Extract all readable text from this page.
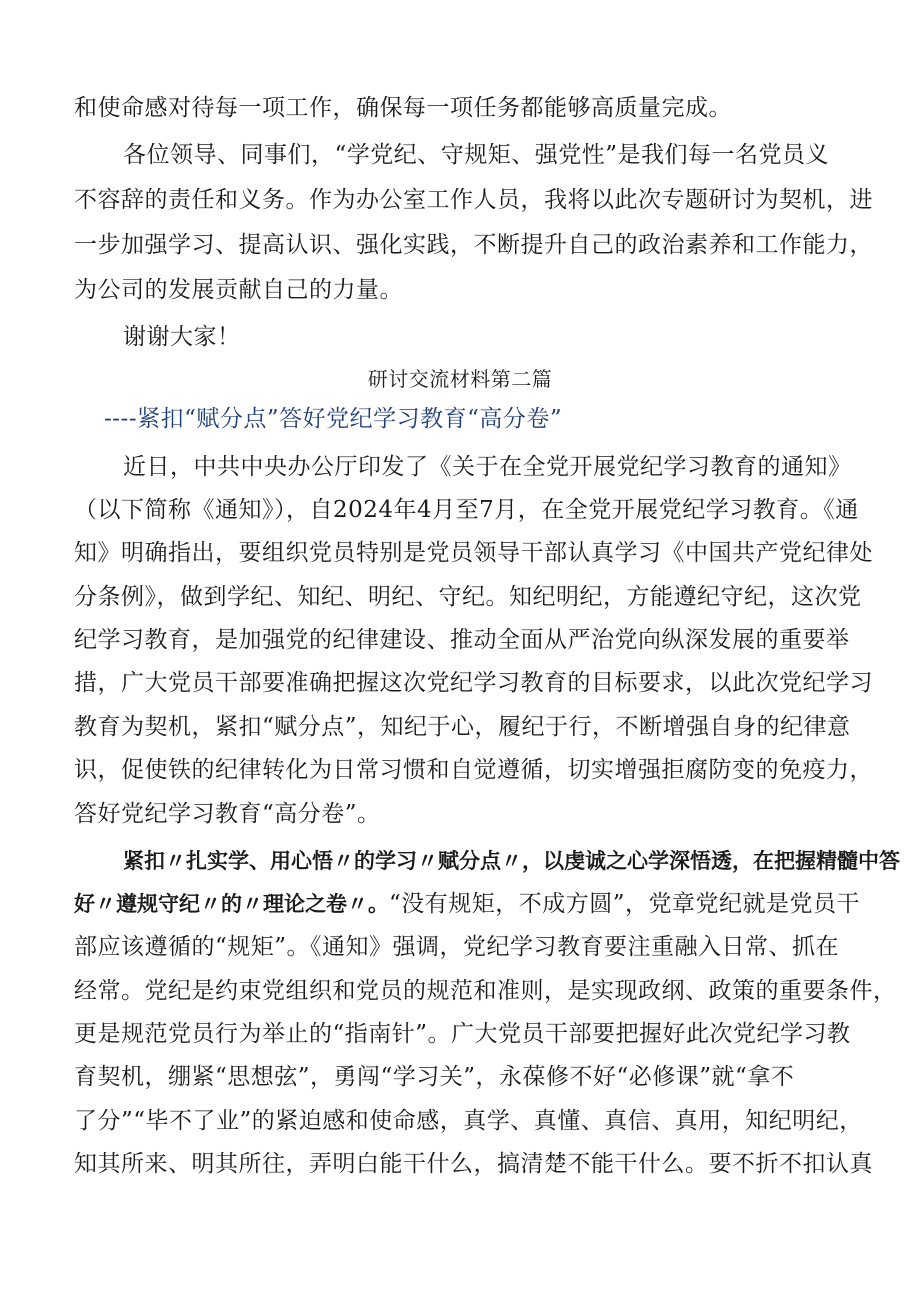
和使命感对待每一项工作，确保每一项任务都能够高质量完成。
各位领导、同事们，“学党纪、守规矩、强党性”是我们每一名党员义
不容辞的责任和义务。作为办公室工作人员，我将以此次专题研讨为契机，进
一步加强学习、提高认识、强化实践，不断提升自己的政治素养和工作能力，
为公司的发展贡献自己的力量。
谢谢大家！
研讨交流材料第二篇
----紧扣“赋分点”答好党纪学习教育“高分卷”
近日，中共中央办公厅印发了《关于在全党开展党纪学习教育的通知》
（以下简称《通知》），自2024年4月至7月，在全党开展党纪学习教育。《通
知》明确指出，要组织党员特别是党员领导干部认真学习《中国共产党纪律处
分条例》，做到学纪、知纪、明纪、守纪。知纪明纪，方能遵纪守纪，这次党
纪学习教育，是加强党的纪律建设、推动全面从严治党向纵深发展的重要举
措，广大党员干部要准确把握这次党纪学习教育的目标要求，以此次党纪学习
教育为契机，紧扣“赋分点”，知纪于心，履纪于行，不断增强自身的纪律意
识，促使铁的纪律转化为日常习惯和自觉遵循，切实增强拒腐防变的免疫力，
答好党纪学习教育“高分卷”。
紧扣〃扎实学、用心悟〃的学习〃赋分点〃，以虔诚之心学深悟透，在把握精髓中答
好〃遵规守纪〃的〃理论之卷〃。“没有规矩，不成方圆”，党章党纪就是党员干
部应该遵循的“规矩”。《通知》强调，党纪学习教育要注重融入日常、抓在
经常。党纪是约束党组织和党员的规范和准则，是实现政纲、政策的重要条件，
更是规范党员行为举止的“指南针”。广大党员干部要把握好此次党纪学习教
育契机，绷紧“思想弦”，勇闯“学习关”，永葆修不好“必修课”就“拿不
了分”“毕不了业”的紧迫感和使命感，真学、真懂、真信、真用，知纪明纪，
知其所来、明其所往，弄明白能干什么，搞清楚不能干什么。要不折不扣认真
